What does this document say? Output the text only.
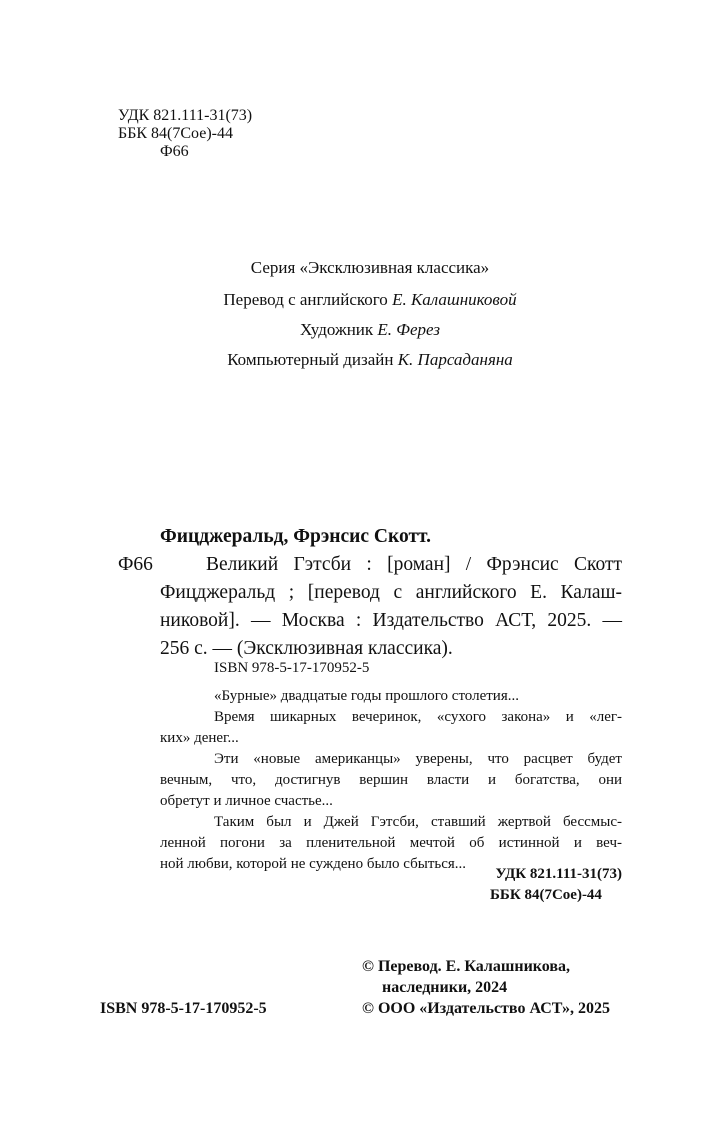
УДК 821.111-31(73)
ББК 84(7Сое)-44
Ф66
Серия «Эксклюзивная классика»
Перевод с английского Е. Калашниковой
Художник Е. Ферез
Компьютерный дизайн К. Парсаданяна
Фицджеральд, Фрэнсис Скотт.
Ф66	Великий Гэтсби : [роман] / Фрэнсис Скотт
Фицджеральд ; [перевод с английского Е. Калаш-
никовой]. — Москва : Издательство АСТ, 2025. —
256 с. — (Эксклюзивная классика).
ISBN 978-5-17-170952-5
«Бурные» двадцатые годы прошлого столетия...
Время шикарных вечеринок, «сухого закона» и «лег-
ких» денег...
Эти «новые американцы» уверены, что расцвет будет
вечным, что, достигнув вершин власти и богатства, они
обретут и личное счастье...
Таким был и Джей Гэтсби, ставший жертвой бессмыс-
ленной погони за пленительной мечтой об истинной и веч-
ной любви, которой не суждено было сбыться...
УДК 821.111-31(73)
ББК 84(7Сое)-44
© Перевод. Е. Калашникова,
наследники, 2024
© ООО «Издательство АСТ», 2025
ISBN 978-5-17-170952-5
